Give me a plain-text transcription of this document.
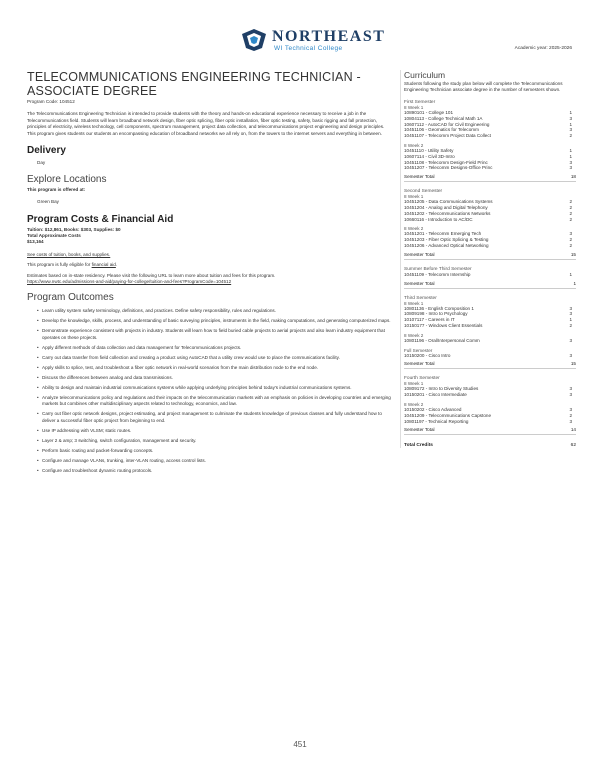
NORTHEAST
WI Technical College	Academic year: 2025-2026
TELECOMMUNICATIONS ENGINEERING TECHNICIAN - ASSOCIATE DEGREE
Program Code: 104512

The Telecommunications Engineering Technician is intended to provide students with the theory and hands-on educational experience necessary to receive a job in the Telecommunications field. Students will learn broadband network design, fiber optic splicing, fiber optic installation, fiber optic testing, safety, basic rigging and fall protection, principles of electricity, wireless technology, cell components, spectrum management, project data collection, and telecommunications project engineering and design principles. This program gives students our students an encompassing education of broadband networks we all rely on, from the towers to the internet servers and everything in between.

Delivery
Day
Explore Locations
This program is offered at:
Green Bay
Program Costs & Financial Aid
Tuition: $12,861, Books: $303, Supplies: $0
Total Approximate Costs
$13,164
See costs of tuition, books, and supplies.
This program is fully eligible for financial aid.
Estimates based on in-state residency. Please visit the following URL to learn more about tuition and fees for this program.
https://www.nwtc.edu/admissions-and-aid/paying-for-college/tuition-and-fees?ProgramCode=104512
Program Outcomes
• Learn utility system safety terminology, definitions, and practices. Define safety responsibility, rules and regulations.
• Develop the knowledge, skills, process, and understanding of basic surveying principles, instruments in the field, making computations, and generating computerized maps.
• Demonstrate experience consistent with projects in industry. Students will learn how to field buried cable projects to aerial projects and also learn industry equipment that operates on these projects.
• Apply different methods of data collection and data management for Telecommunications projects.
• Carry out data transfer from field collection and creating a product using AutoCAD that a utility crew would use to place the communications facility.
• Apply skills to splice, test, and troubleshoot a fiber optic network in real-world scenarios from the main distribution node to the end node.
• Discuss the differences between analog and data transmissions.
• Ability to design and maintain industrial communications systems while applying underlying principles behind today's industrial communications systems.
• Analyze telecommunications policy and regulations and their impacts on the telecommunication markets with an emphasis on policies in developing countries and emerging markets but combines other multidisciplinary aspects related to technology, economics, and law.
• Carry out fiber optic network designs, project estimating, and project management to culminate the students knowledge of previous classes and fully understand how to deliver a successful fiber optic project from beginning to end.
• Use IP addressing with VLSM; static routes.
• Layer 2 & amp; 3 switching, switch configuration, management and security.
• Perform basic routing and packet-forwarding concepts.
• Configure and manage VLANs, trunking, inter-VLAN routing, access control lists.
• Configure and troubleshoot dynamic routing protocols.
Curriculum
Students following the study plan below will complete the Telecommunications Engineering Technician associate degree in the number of semesters shown.
First Semester
8 Week 1
10890101 - College 101	1
10804113 - College Technical Math 1A	3
10607112 - AutoCAD for Civil Engineering	1
10451106 - Geomatics for Telecomm	3
10451107 - Telecomm Project Data Collect	2
8 Week 2
10451110 - Utility Safety	1
10607114 - Civil 3D-Intro	1
10451108 - Telecomm Design-Field Princ	3
10451207 - Telecomm Designs-Office Princ	3
Semester Total	18
Second Semester
8 Week 1
10451205 - Data Communications Systems	2
10451204 - Analog and Digital Telephony	2
10451202 - Telecommunications Networks	2
10660116 - Introduction to AC/DC	2
8 Week 2
10451201 - Telecomm Emerging Tech	3
10451203 - Fiber Optic Splicing & Testing	2
10451206 - Advanced Optical Networking	2
Semester Total	15
Summer Before Third Semester
10451109 - Telecomm Internship	1
Semester Total	1
Third Semester
8 Week 1
10801136 - English Composition 1	3
10809198 - Intro to Psychology	3
10107117 - Careers in IT	1
10150177 - Windows Client Essentials	2
8 Week 2
10801196 - Oral/Interpersonal Comm	3
Full Semester
10150200 - Cisco Intro	3
Semester Total	15
Fourth Semester
8 Week 1
10809172 - Intro to Diversity Studies	3
10150201 - Cisco Intermediate	3
8 Week 2
10150202 - Cisco Advanced	3
10451209 - Telecommunications Capstone	2
10801197 - Technical Reporting	3
Semester Total	14
Total Credits	62
451
